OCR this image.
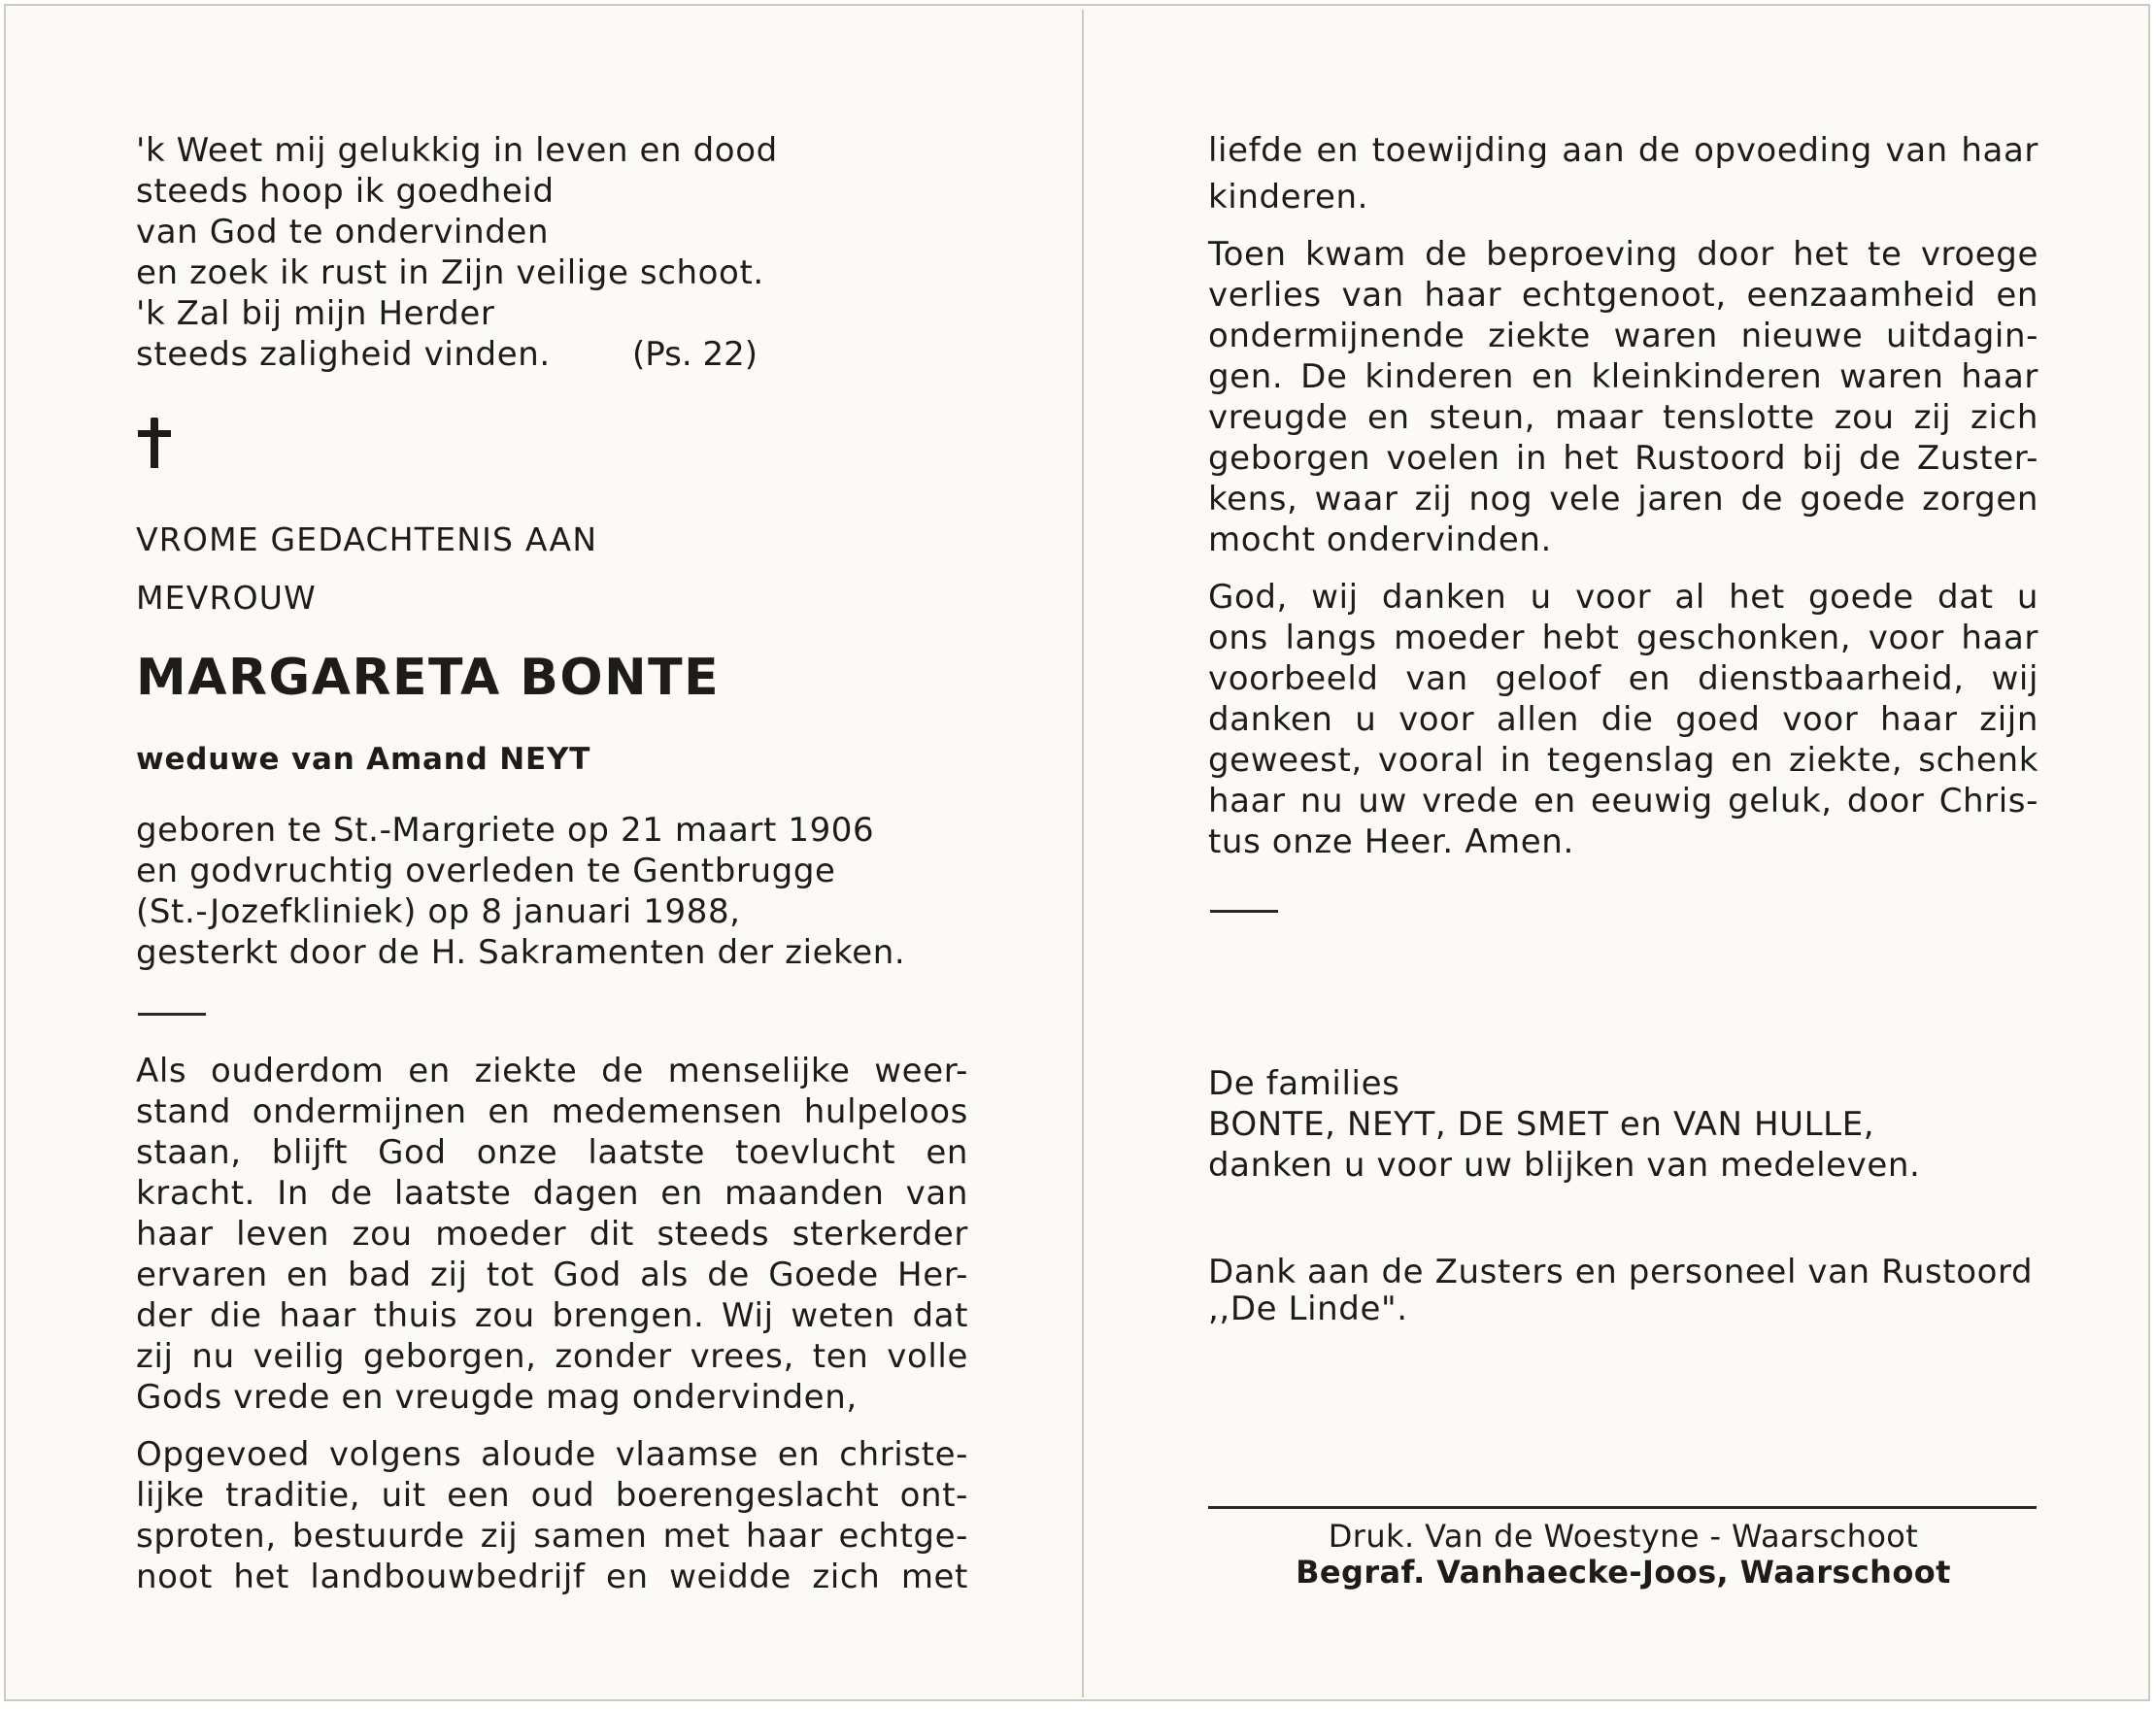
'k Weet mij gelukkig in leven en dood
steeds hoop ik goedheid
van God te ondervinden
en zoek ik rust in Zijn veilige schoot.
'k Zal bij mijn Herder
steeds zaligheid vinden. (Ps. 22)
VROME GEDACHTENIS AAN
MEVROUW
MARGARETA BONTE
weduwe van Amand NEYT
geboren te St.-Margriete op 21 maart 1906
en godvruchtig overleden te Gentbrugge
(St.-Jozefkliniek) op 8 januari 1988,
gesterkt door de H. Sakramenten der zieken.
Als ouderdom en ziekte de menselijke weer-
stand ondermijnen en medemensen hulpeloos
staan, blijft God onze laatste toevlucht en
kracht. In de laatste dagen en maanden van
haar leven zou moeder dit steeds sterkerder
ervaren en bad zij tot God als de Goede Her-
der die haar thuis zou brengen. Wij weten dat
zij nu veilig geborgen, zonder vrees, ten volle
Gods vrede en vreugde mag ondervinden,
Opgevoed volgens aloude vlaamse en christe-
lijke traditie, uit een oud boerengeslacht ont-
sproten, bestuurde zij samen met haar echtge-
noot het landbouwbedrijf en weidde zich met
liefde en toewijding aan de opvoeding van haar
kinderen.
Toen kwam de beproeving door het te vroege
verlies van haar echtgenoot, eenzaamheid en
ondermijnende ziekte waren nieuwe uitdagin-
gen. De kinderen en kleinkinderen waren haar
vreugde en steun, maar tenslotte zou zij zich
geborgen voelen in het Rustoord bij de Zuster-
kens, waar zij nog vele jaren de goede zorgen
mocht ondervinden.
God, wij danken u voor al het goede dat u
ons langs moeder hebt geschonken, voor haar
voorbeeld van geloof en dienstbaarheid, wij
danken u voor allen die goed voor haar zijn
geweest, vooral in tegenslag en ziekte, schenk
haar nu uw vrede en eeuwig geluk, door Chris-
tus onze Heer. Amen.
De families
BONTE, NEYT, DE SMET en VAN HULLE,
danken u voor uw blijken van medeleven.
Dank aan de Zusters en personeel van Rustoord
,,De Linde".
Druk. Van de Woestyne - Waarschoot
Begraf. Vanhaecke-Joos, Waarschoot
